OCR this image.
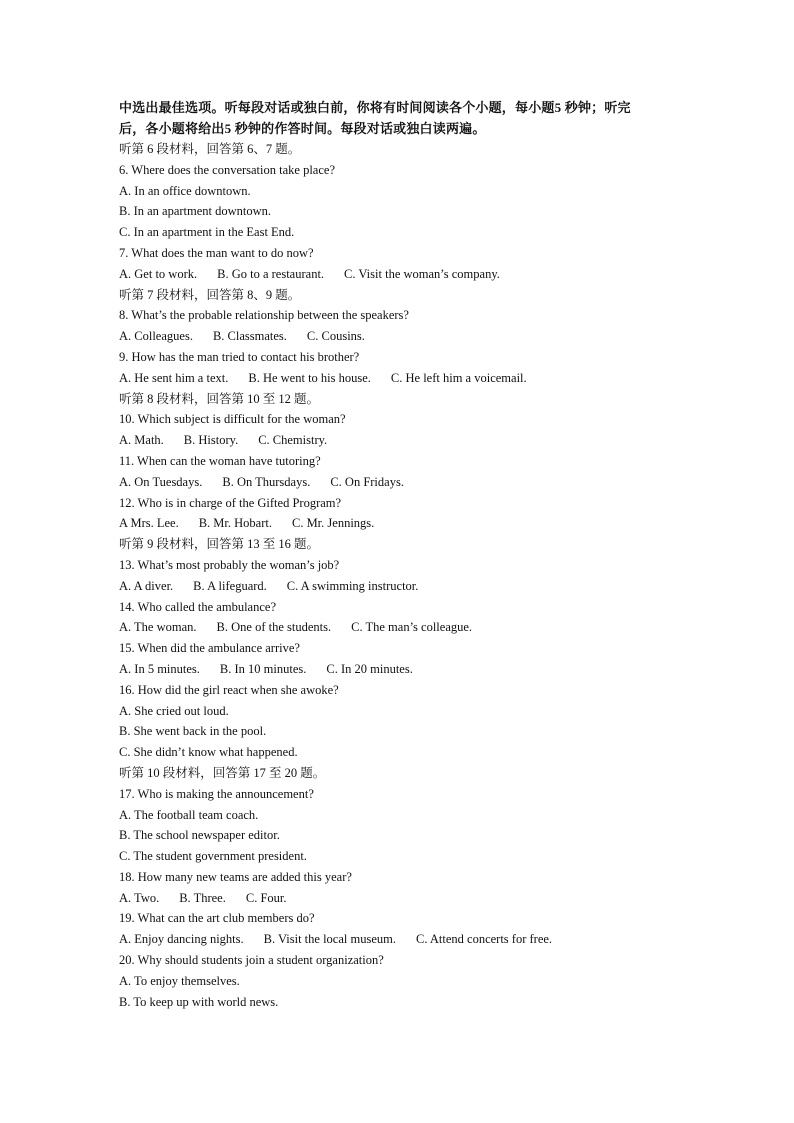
中选出最佳选项。听每段对话或独白前，你将有时间阅读各个小题，每小题5 秒钟；听完
后，各小题将给出5 秒钟的作答时间。每段对话或独白读两遍。

听第 6 段材料，回答第 6、7 题。
6. Where does the conversation take place?
A. In an office downtown.
B. In an apartment downtown.
C. In an apartment in the East End.
7. What does the man want to do now?
A. Get to work. B. Go to a restaurant. C. Visit the woman’s company.
听第 7 段材料，回答第 8、9 题。
8. What’s the probable relationship between the speakers?
A. Colleagues. B. Classmates. C. Cousins.
9. How has the man tried to contact his brother?
A. He sent him a text. B. He went to his house. C. He left him a voicemail.
听第 8 段材料，回答第 10 至 12 题。
10. Which subject is difficult for the woman?
A. Math. B. History. C. Chemistry.
11. When can the woman have tutoring?
A. On Tuesdays. B. On Thursdays. C. On Fridays.
12. Who is in charge of the Gifted Program?
A Mrs. Lee. B. Mr. Hobart. C. Mr. Jennings.
听第 9 段材料，回答第 13 至 16 题。
13. What’s most probably the woman’s job?
A. A diver. B. A lifeguard. C. A swimming instructor.
14. Who called the ambulance?
A. The woman. B. One of the students. C. The man’s colleague.
15. When did the ambulance arrive?
A. In 5 minutes. B. In 10 minutes. C. In 20 minutes.
16. How did the girl react when she awoke?
A. She cried out loud.
B. She went back in the pool.
C. She didn’t know what happened.
听第 10 段材料，回答第 17 至 20 题。
17. Who is making the announcement?
A. The football team coach.
B. The school newspaper editor.
C. The student government president.
18. How many new teams are added this year?
A. Two. B. Three. C. Four.
19. What can the art club members do?
A. Enjoy dancing nights. B. Visit the local museum. C. Attend concerts for free.
20. Why should students join a student organization?
A. To enjoy themselves.
B. To keep up with world news.
